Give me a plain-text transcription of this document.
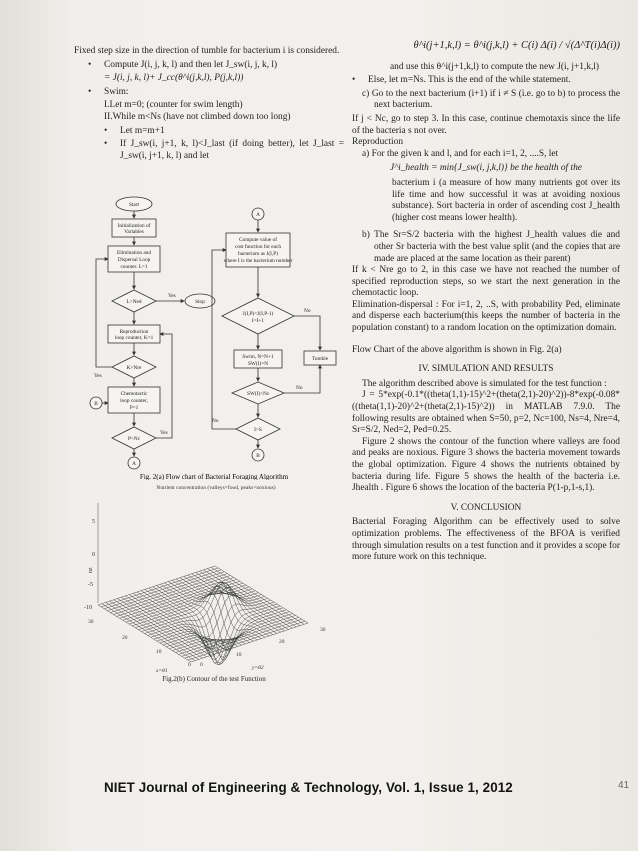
Fixed step size in the direction of tumble for bacterium i is considered.

• Compute J(i, j, k, l) and then let J_sw(i, j, k, l)

= J(i, j, k, l)+ J_cc(θ^i(j,k,l), P(j,k,l))

• Swim:

I.Let m=0; (counter for swim length)

II.While m<Ns (have not climbed down too long)

• Let m=m+1
• If J_sw(i, j+1, k, l)<J_last (if doing better), let J_last = J_sw(i, j+1, k, l) and let
Start
Initialization of
Variables
Elimination and
Dispersal Loop
counter. L=1
L>Ned
Yes
Stop
Reproduction
loop counter, K=1
K>Nre
Yes
Chemotactic
loop counter,
P=1
B
P>Nc
Yes
A
A
Compute value of
cost function for each
bacterium as J(I,P)
where I is the bacterium number
J(I,P)<J(I,P-1)
I=I+1
No
Swim, N=N+1
SW(I)=N
Tumble
SW(I)<Ns
No
I>S
No
B
Fig. 2(a) Flow chart of Bacterial Foraging Algorithm
Nutrient concentration (valleys=food, peaks=noxious)
5
0
-5
-10
nz
30
20
10
0 0
10
20
30
x=θ1	y=θ2
Fig.2(b) Contour of the test Function

θ^i(j+1,k,l) = θ^i(j,k,l) + C(i) Δ(i) / √(Δ^T(i)Δ(i))

and use this θ^i(j+1,k,l) to compute the new J(i, j+1,k,l)

• Else, let m=Ns. This is the end of the while statement.

c) Go to the next bacterium (i+1) if i ≠ S (i.e. go to b) to process the next bacterium.

If j < Nc, go to step 3. In this case, continue chemotaxis since the life of the bacteria s not over.

Reproduction

a) For the given k and l, and for each i=1, 2, ....S, let

J^i_health = min{J_sw(i, j,k,l)} be the health of the

bacterium i (a measure of how many nutrients got over its life time and how successful it was at avoiding noxious substance). Sort bacteria in order of ascending cost J_health (higher cost means lower health).

b) The Sr=S/2 bacteria with the highest J_health values die and other Sr bacteria with the best value split (and the copies that are made are placed at the same location as their parent)

If k < Nre go to 2, in this case we have not reached the number of specified reproduction steps, so we start the next generation in the chemotactic loop.

Elimination-dispersal : For i=1, 2, ..S, with probability Ped, eliminate and disperse each bacterium(this keeps the number of bacteria in the population constant) to a random location on the optimization domain.

Flow Chart of the above algorithm is shown in Fig. 2(a)

IV. SIMULATION AND RESULTS

The algorithm described above is simulated for the test function :

J = 5*exp(-0.1*((theta(1,1)-15)^2+(theta(2,1)-20)^2))-8*exp(-0.08*((theta(1,1)-20)^2+(theta(2,1)-15)^2)) in MATLAB 7.9.0. The following results are obtained when S=50, p=2, Nc=100, Ns=4, Nre=4, Sr=S/2, Ned=2, Ped=0.25.

Figure 2 shows the contour of the function where valleys are food and peaks are noxious. Figure 3 shows the bacteria movement towards the global optimization. Figure 4 shows the nutrients obtained by bacteria during life. Figure 5 shows the health of the bacteria i.e. Jhealth . Figure 6 shows the location of the bacteria P(1-p,1-s,1).

V. CONCLUSION

Bacterial Foraging Algorithm can be effectively used to solve optimization problems. The effectiveness of the BFOA is verified through simulation results on a test function and it provides a scope for more future work on this technique.

NIET Journal of Engineering & Technology, Vol. 1, Issue 1, 2012	41
